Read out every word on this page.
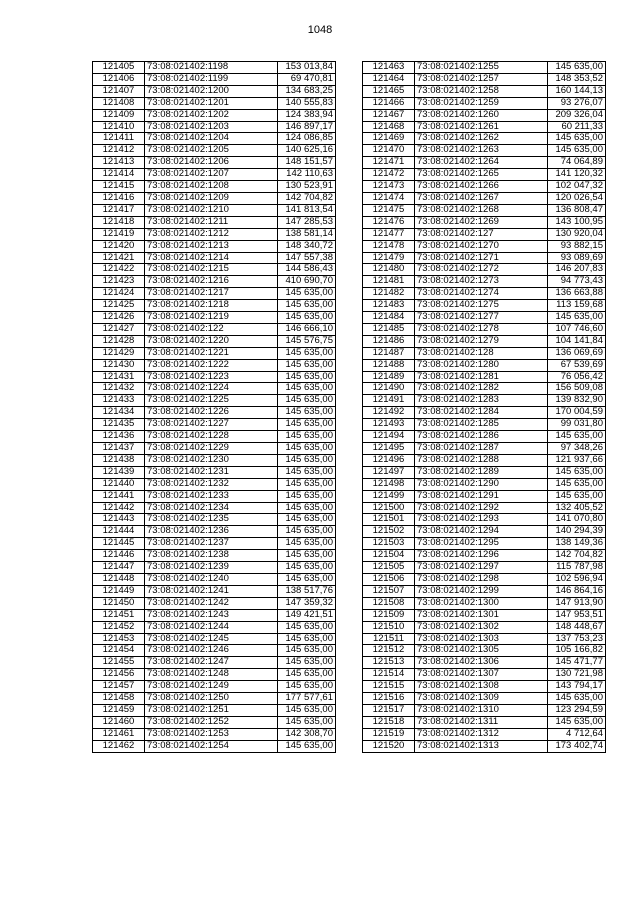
1048
121405	73:08:021402:1198	153 013,84
121406	73:08:021402:1199	69 470,81
121407	73:08:021402:1200	134 683,25
121408	73:08:021402:1201	140 555,83
121409	73:08:021402:1202	124 383,94
121410	73:08:021402:1203	146 897,17
121411	73:08:021402:1204	124 086,85
121412	73:08:021402:1205	140 625,16
121413	73:08:021402:1206	148 151,57
121414	73:08:021402:1207	142 110,63
121415	73:08:021402:1208	130 523,91
121416	73:08:021402:1209	142 704,82
121417	73:08:021402:1210	141 813,54
121418	73:08:021402:1211	147 285,53
121419	73:08:021402:1212	138 581,14
121420	73:08:021402:1213	148 340,72
121421	73:08:021402:1214	147 557,38
121422	73:08:021402:1215	144 586,43
121423	73:08:021402:1216	410 690,70
121424	73:08:021402:1217	145 635,00
121425	73:08:021402:1218	145 635,00
121426	73:08:021402:1219	145 635,00
121427	73:08:021402:122	146 666,10
121428	73:08:021402:1220	145 576,75
121429	73:08:021402:1221	145 635,00
121430	73:08:021402:1222	145 635,00
121431	73:08:021402:1223	145 635,00
121432	73:08:021402:1224	145 635,00
121433	73:08:021402:1225	145 635,00
121434	73:08:021402:1226	145 635,00
121435	73:08:021402:1227	145 635,00
121436	73:08:021402:1228	145 635,00
121437	73:08:021402:1229	145 635,00
121438	73:08:021402:1230	145 635,00
121439	73:08:021402:1231	145 635,00
121440	73:08:021402:1232	145 635,00
121441	73:08:021402:1233	145 635,00
121442	73:08:021402:1234	145 635,00
121443	73:08:021402:1235	145 635,00
121444	73:08:021402:1236	145 635,00
121445	73:08:021402:1237	145 635,00
121446	73:08:021402:1238	145 635,00
121447	73:08:021402:1239	145 635,00
121448	73:08:021402:1240	145 635,00
121449	73:08:021402:1241	138 517,76
121450	73:08:021402:1242	147 359,32
121451	73:08:021402:1243	149 421,51
121452	73:08:021402:1244	145 635,00
121453	73:08:021402:1245	145 635,00
121454	73:08:021402:1246	145 635,00
121455	73:08:021402:1247	145 635,00
121456	73:08:021402:1248	145 635,00
121457	73:08:021402:1249	145 635,00
121458	73:08:021402:1250	177 577,61
121459	73:08:021402:1251	145 635,00
121460	73:08:021402:1252	145 635,00
121461	73:08:021402:1253	142 308,70
121462	73:08:021402:1254	145 635,00
121463	73:08:021402:1255	145 635,00
121464	73:08:021402:1257	148 353,52
121465	73:08:021402:1258	160 144,13
121466	73:08:021402:1259	93 276,07
121467	73:08:021402:1260	209 326,04
121468	73:08:021402:1261	60 211,33
121469	73:08:021402:1262	145 635,00
121470	73:08:021402:1263	145 635,00
121471	73:08:021402:1264	74 064,89
121472	73:08:021402:1265	141 120,32
121473	73:08:021402:1266	102 047,32
121474	73:08:021402:1267	120 026,54
121475	73:08:021402:1268	136 808,47
121476	73:08:021402:1269	143 100,95
121477	73:08:021402:127	130 920,04
121478	73:08:021402:1270	93 882,15
121479	73:08:021402:1271	93 089,69
121480	73:08:021402:1272	146 207,83
121481	73:08:021402:1273	94 773,43
121482	73:08:021402:1274	136 663,88
121483	73:08:021402:1275	113 159,68
121484	73:08:021402:1277	145 635,00
121485	73:08:021402:1278	107 746,60
121486	73:08:021402:1279	104 141,84
121487	73:08:021402:128	136 069,69
121488	73:08:021402:1280	67 539,69
121489	73:08:021402:1281	76 056,42
121490	73:08:021402:1282	156 509,08
121491	73:08:021402:1283	139 832,90
121492	73:08:021402:1284	170 004,59
121493	73:08:021402:1285	99 031,80
121494	73:08:021402:1286	145 635,00
121495	73:08:021402:1287	97 348,26
121496	73:08:021402:1288	121 937,66
121497	73:08:021402:1289	145 635,00
121498	73:08:021402:1290	145 635,00
121499	73:08:021402:1291	145 635,00
121500	73:08:021402:1292	132 405,52
121501	73:08:021402:1293	141 070,80
121502	73:08:021402:1294	140 294,39
121503	73:08:021402:1295	138 149,36
121504	73:08:021402:1296	142 704,82
121505	73:08:021402:1297	115 787,98
121506	73:08:021402:1298	102 596,94
121507	73:08:021402:1299	146 864,16
121508	73:08:021402:1300	147 913,90
121509	73:08:021402:1301	147 953,51
121510	73:08:021402:1302	148 448,67
121511	73:08:021402:1303	137 753,23
121512	73:08:021402:1305	105 166,82
121513	73:08:021402:1306	145 471,77
121514	73:08:021402:1307	130 721,98
121515	73:08:021402:1308	143 794,17
121516	73:08:021402:1309	145 635,00
121517	73:08:021402:1310	123 294,59
121518	73:08:021402:1311	145 635,00
121519	73:08:021402:1312	4 712,64
121520	73:08:021402:1313	173 402,74
